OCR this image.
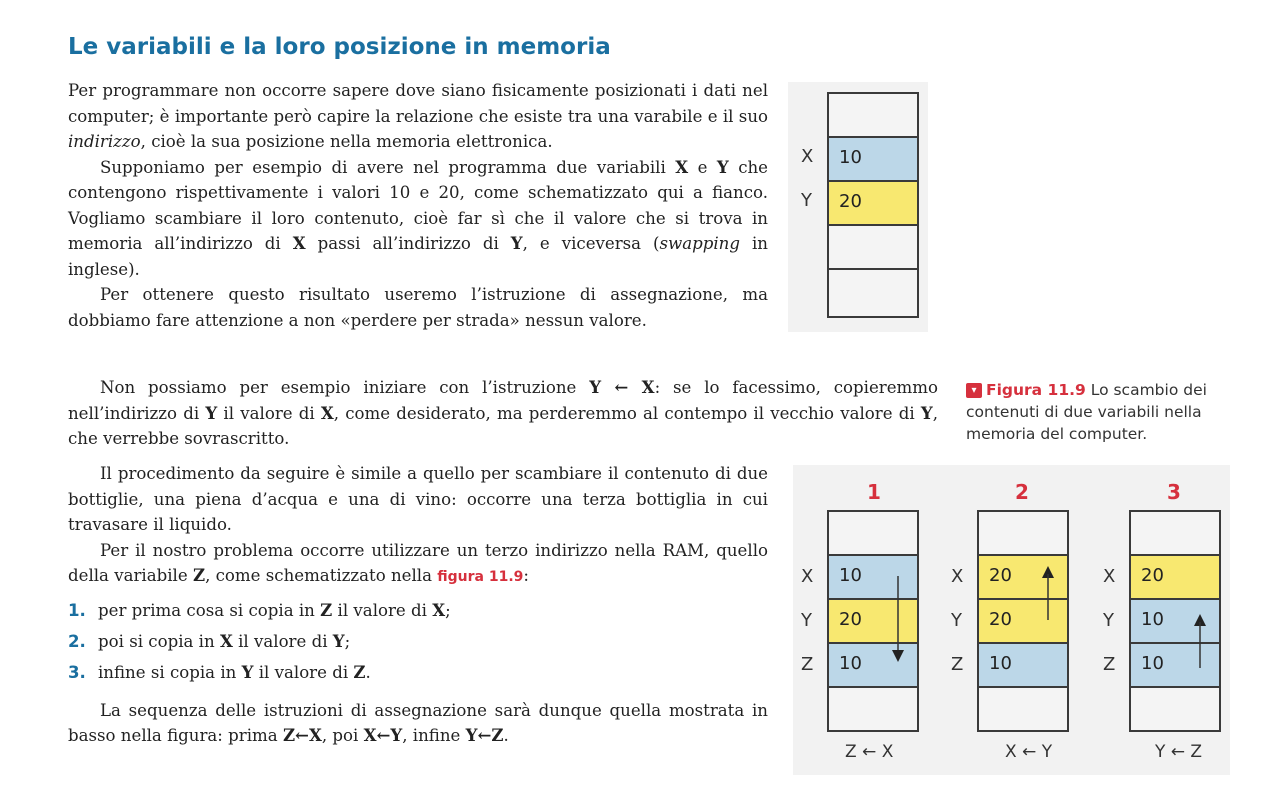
Le variabili e la loro posizione in memoria

Per programmare non occorre sapere dove siano fisicamente posizionati i dati nel computer; è importante però capire la relazione che esiste tra una varabile e il suo indirizzo, cioè la sua posizione nella memoria elettronica.

Supponiamo per esempio di avere nel programma due variabili X e Y che contengono rispettivamente i valori 10 e 20, come schematizzato qui a fianco. Vogliamo scambiare il loro contenuto, cioè far sì che il valore che si trova in memoria all’indirizzo di X passi all’indirizzo di Y, e viceversa (swapping in inglese).

Per ottenere questo risultato useremo l’istruzione di assegnazione, ma dobbiamo fare attenzione a non «perdere per strada» nessun valore.

Non possiamo per esempio iniziare con l’istruzione Y ← X: se lo facessimo, copieremmo nell’indirizzo di Y il valore di X, come desiderato, ma perderemmo al contempo il vecchio valore di Y, che verrebbe sovrascritto.

Il procedimento da seguire è simile a quello per scambiare il contenuto di due bottiglie, una piena d’acqua e una di vino: occorre una terza bottiglia in cui travasare il liquido.

Per il nostro problema occorre utilizzare un terzo indirizzo nella RAM, quello della variabile Z, come schematizzato nella figura 11.9:

1. per prima cosa si copia in Z il valore di X;
2. poi si copia in X il valore di Y;
3. infine si copia in Y il valore di Z.

La sequenza delle istruzioni di assegnazione sarà dunque quella mostrata in basso nella figura: prima Z←X, poi X←Y, infine Y←Z.

10
20
X
Y
▾ Figura 11.9 Lo scambio dei contenuti di due variabili nella memoria del computer.
1
10
20
10
X
Y
Z
Z ← X
2
20
20
10
X
Y
Z
X ← Y
3
20
10
10
X
Y
Z
Y ← Z
